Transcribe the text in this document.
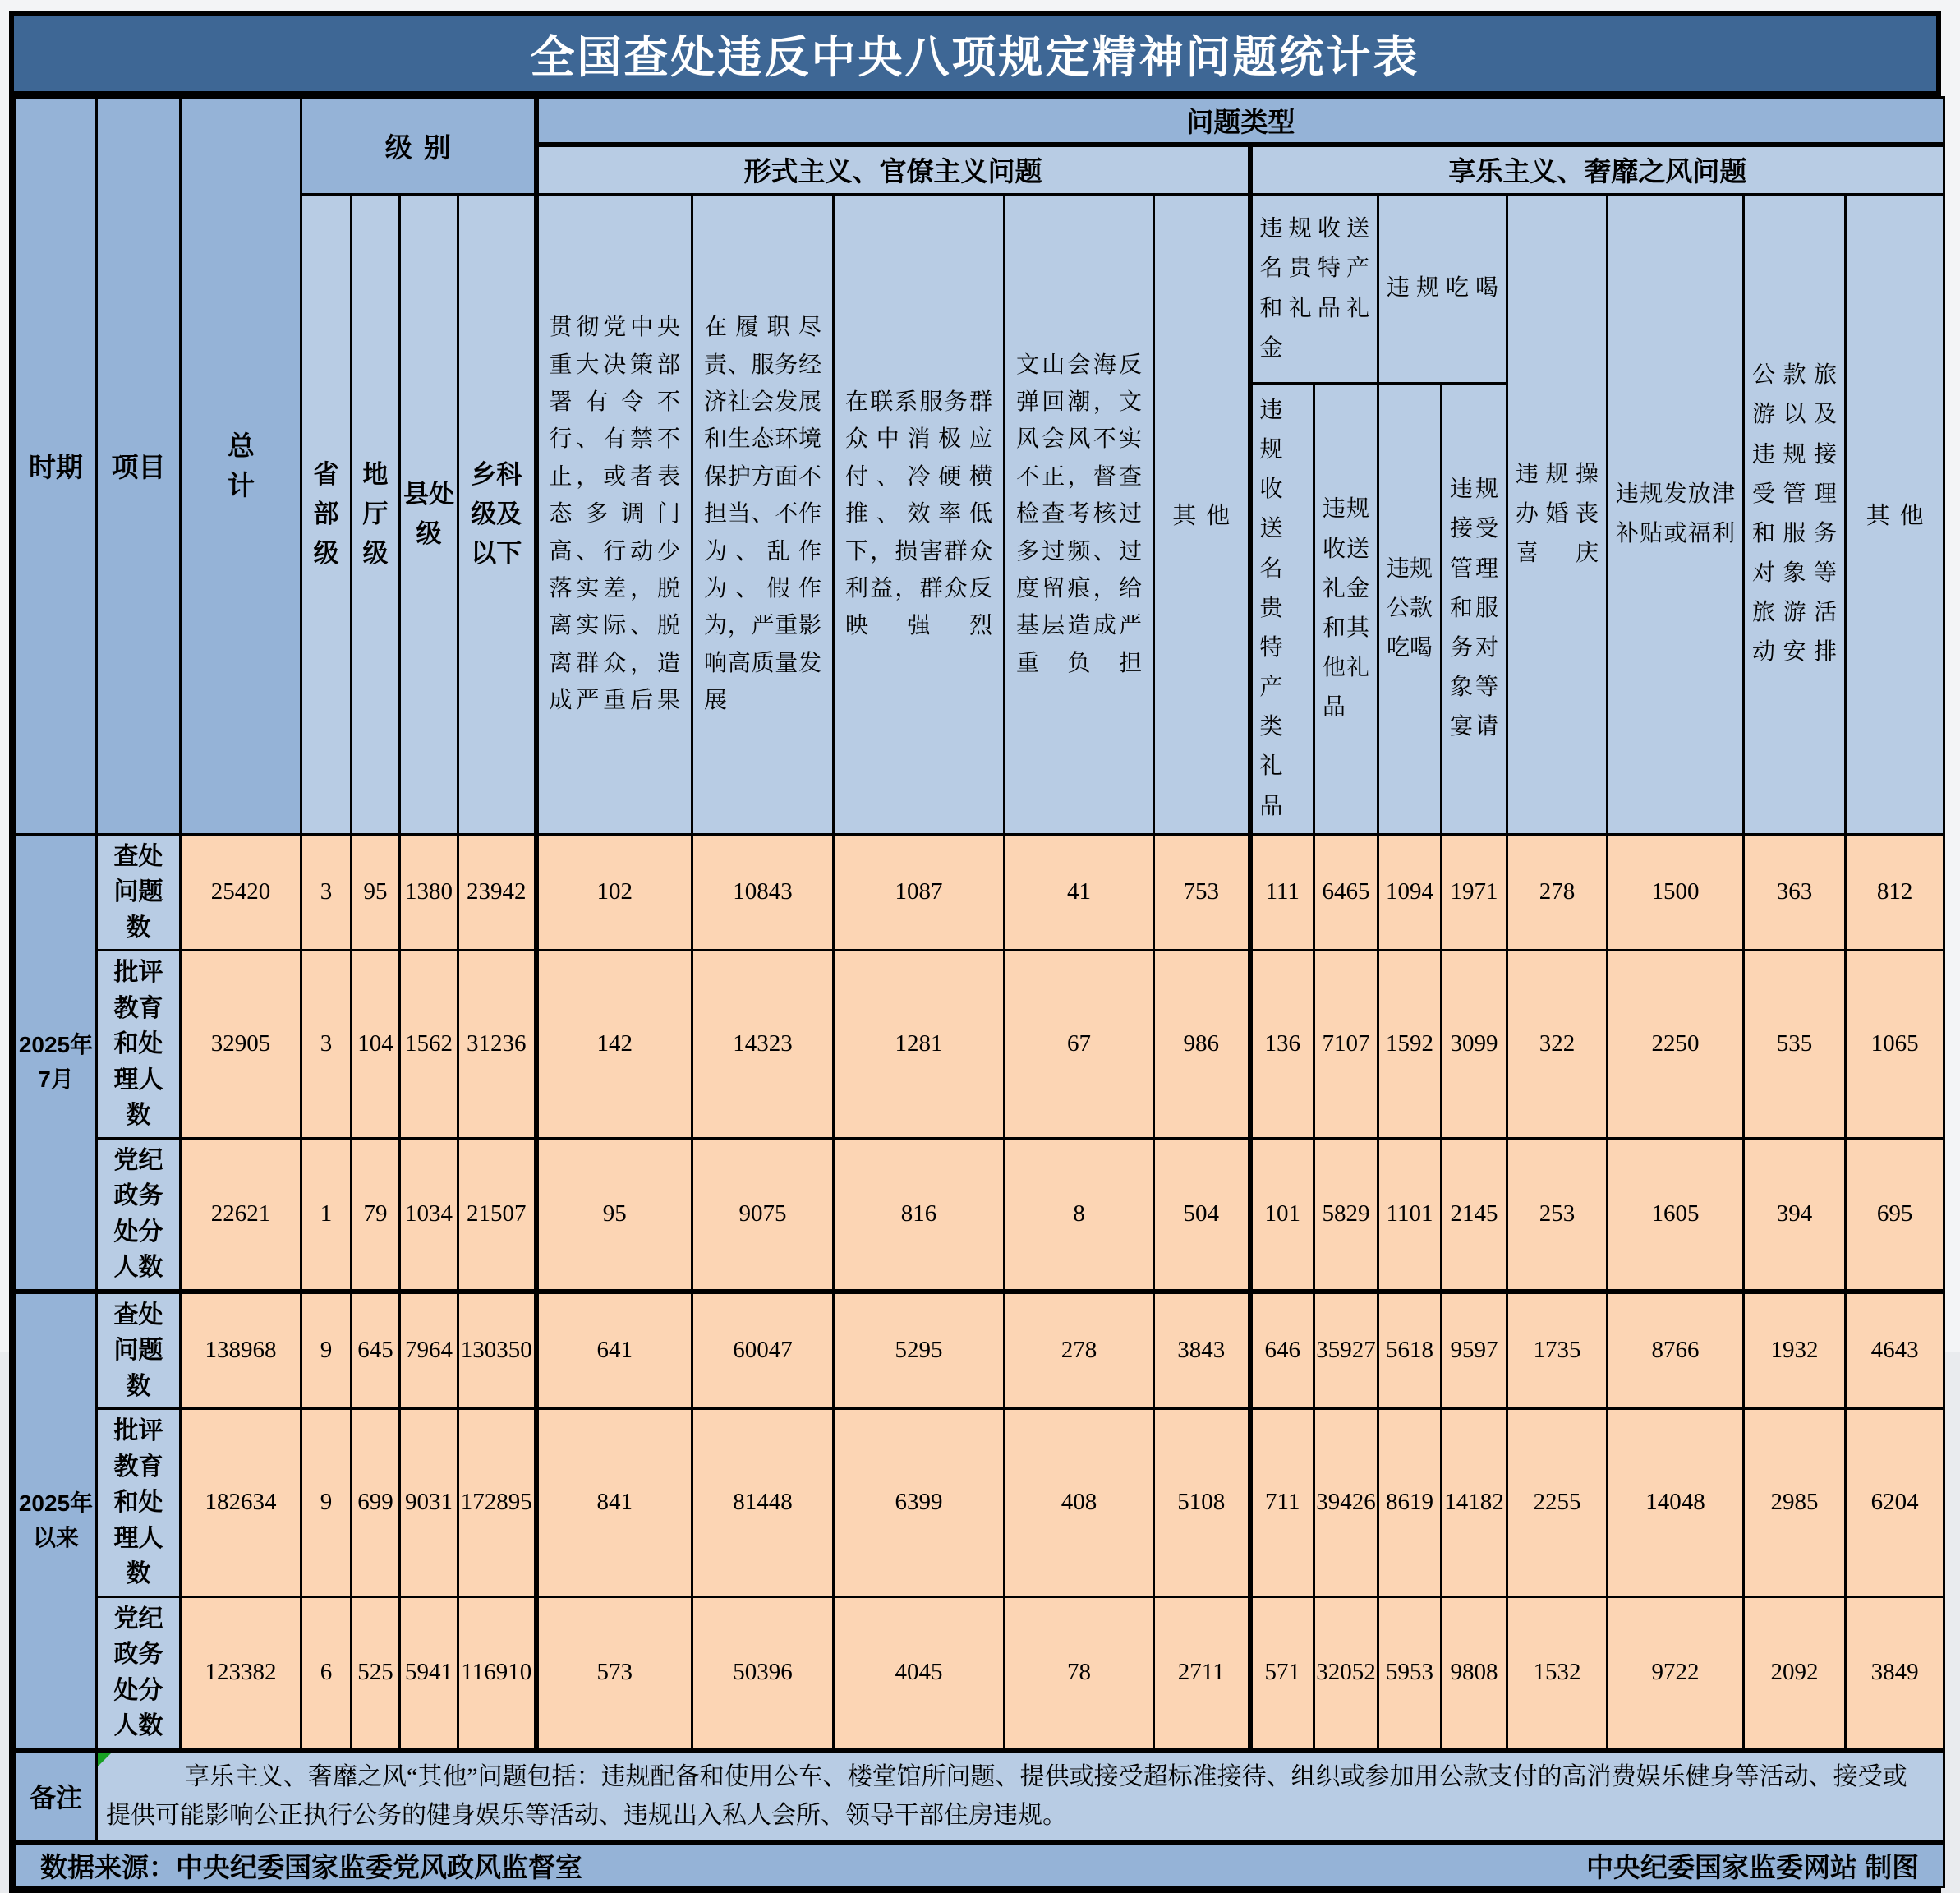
全国查处违反中央八项规定精神问题统计表
时期	项目	总计	级别				问题类型												
							形式主义、官僚主义问题					享乐主义、奢靡之风问题							
			省部级	地厅级	县处级	乡科级及以下	贯彻党中央重大决策部署有令不行、有禁不止，或者表态多调门高、行动少落实差，脱离实际、脱离群众，造成严重后果	在履职尽责、服务经济社会发展和生态环境保护方面不担当、不作为、乱作为、假作为，严重影响高质量发展	在联系服务群众中消极应付、冷硬横推、效率低下，损害群众利益，群众反映强烈	文山会海反弹回潮，文风会风不实不正，督查检查考核过多过频、过度留痕，给基层造成严重负担	其他	违规收送名贵特产和礼品礼金		违规吃喝		违规操办婚丧喜庆	违规发放津补贴或福利	公款旅游以及违规接受管理和服务对象等旅游活动安排	其他
												违规收送名贵特产类礼品	违规收送礼金和其他礼品	违规公款吃喝	违规接受管理和服务对象等宴请				
2025年7月	查处问题数	25420	3	95	1380	23942	102	10843	1087	41	753	111	6465	1094	1971	278	1500	363	812
	批评教育和处理人数	32905	3	104	1562	31236	142	14323	1281	67	986	136	7107	1592	3099	322	2250	535	1065
	党纪政务处分人数	22621	1	79	1034	21507	95	9075	816	8	504	101	5829	1101	2145	253	1605	394	695
2025年以来	查处问题数	138968	9	645	7964	130350	641	60047	5295	278	3843	646	35927	5618	9597	1735	8766	1932	4643
	批评教育和处理人数	182634	9	699	9031	172895	841	81448	6399	408	5108	711	39426	8619	14182	2255	14048	2985	6204
	党纪政务处分人数	123382	6	525	5941	116910	573	50396	4045	78	2711	571	32052	5953	9808	1532	9722	2092	3849
备注	享乐主义、奢靡之风“其他”问题包括：违规配备和使用公车、楼堂馆所问题、提供或接受超标准接待、组织或参加用公款支付的高消费娱乐健身等活动、接受或提供可能影响公正执行公务的健身娱乐等活动、违规出入私人会所、领导干部住房违规。																		

数据来源：中央纪委国家监委党风政风监督室 中央纪委国家监委网站 制图																			
